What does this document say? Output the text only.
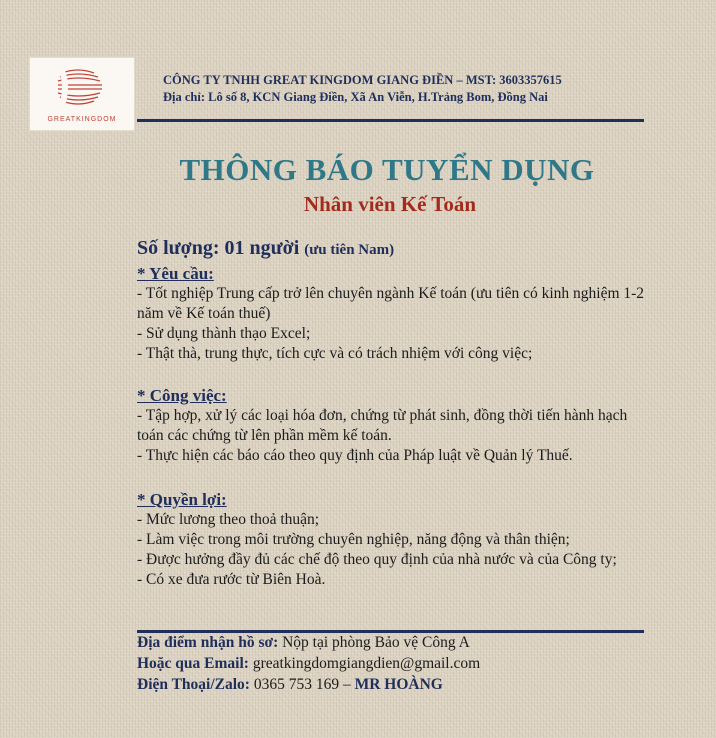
GREATKINGDOM
CÔNG TY TNHH GREAT KINGDOM GIANG ĐIỀN – MST: 3603357615
Địa chỉ: Lô số 8, KCN Giang Điền, Xã An Viễn, H.Trảng Bom, Đồng Nai
THÔNG BÁO TUYỂN DỤNG
Nhân viên Kế Toán
Số lượng: 01 người (ưu tiên Nam)
* Yêu cầu:
- Tốt nghiệp Trung cấp trở lên chuyên ngành Kế toán (ưu tiên có kinh nghiệm 1-2 năm về Kế toán thuế)
- Sử dụng thành thạo Excel;
- Thật thà, trung thực, tích cực và có trách nhiệm với công việc;
* Công việc:
- Tập hợp, xử lý các loại hóa đơn, chứng từ phát sinh, đồng thời tiến hành hạch toán các chứng từ lên phần mềm kế toán.
- Thực hiện các báo cáo theo quy định của Pháp luật về Quản lý Thuế.
* Quyền lợi:
- Mức lương theo thoả thuận;
- Làm việc trong môi trường chuyên nghiệp, năng động và thân thiện;
- Được hưởng đầy đủ các chế độ theo quy định của nhà nước và của Công ty;
- Có xe đưa rước từ Biên Hoà.
Địa điểm nhận hồ sơ: Nộp tại phòng Bảo vệ Công A
Hoặc qua Email: greatkingdomgiangdien@gmail.com
Điện Thoại/Zalo: 0365 753 169 – MR HOÀNG
